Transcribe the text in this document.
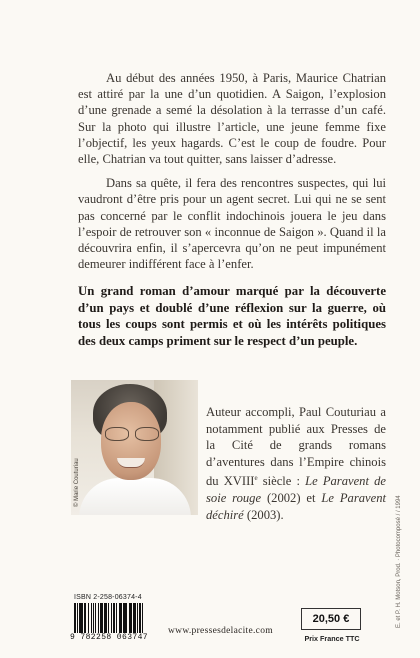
Au début des années 1950, à Paris, Maurice Chatrian est attiré par la une d’un quotidien. A Saigon, l’explosion d’une grenade a semé la désolation à la terrasse d’un café. Sur la photo qui illustre l’article, une jeune femme fixe l’objectif, les yeux hagards. C’est le coup de foudre. Pour elle, Chatrian va tout quitter, sans laisser d’adresse.

Dans sa quête, il fera des rencontres suspectes, qui lui vaudront d’être pris pour un agent secret. Lui qui ne se sent pas concerné par le conflit indochinois jouera le jeu dans l’espoir de retrouver son « inconnue de Saigon ». Quand il la découvrira enfin, il s’apercevra qu’on ne peut impunément demeurer indifférent face à l’enfer.

Un grand roman d’amour marqué par la découverte d’un pays et doublé d’une réflexion sur la guerre, où tous les coups sont permis et où les intérêts politiques des deux camps priment sur le respect d’un peuple.

© Marie Couturiau

Auteur accompli, Paul Couturiau a notamment publié aux Presses de la Cité de grands romans d’aventures dans l’Empire chinois du XVIIIe siècle : Le Paravent de soie rouge (2002) et Le Paravent déchiré (2003).	E. et P. H. Motson, Prod. · Photocomposé / / 1994
ISBN 2-258-06374-4
9 782258 063747
www.pressesdelacite.com
20,50 €
Prix France TTC
